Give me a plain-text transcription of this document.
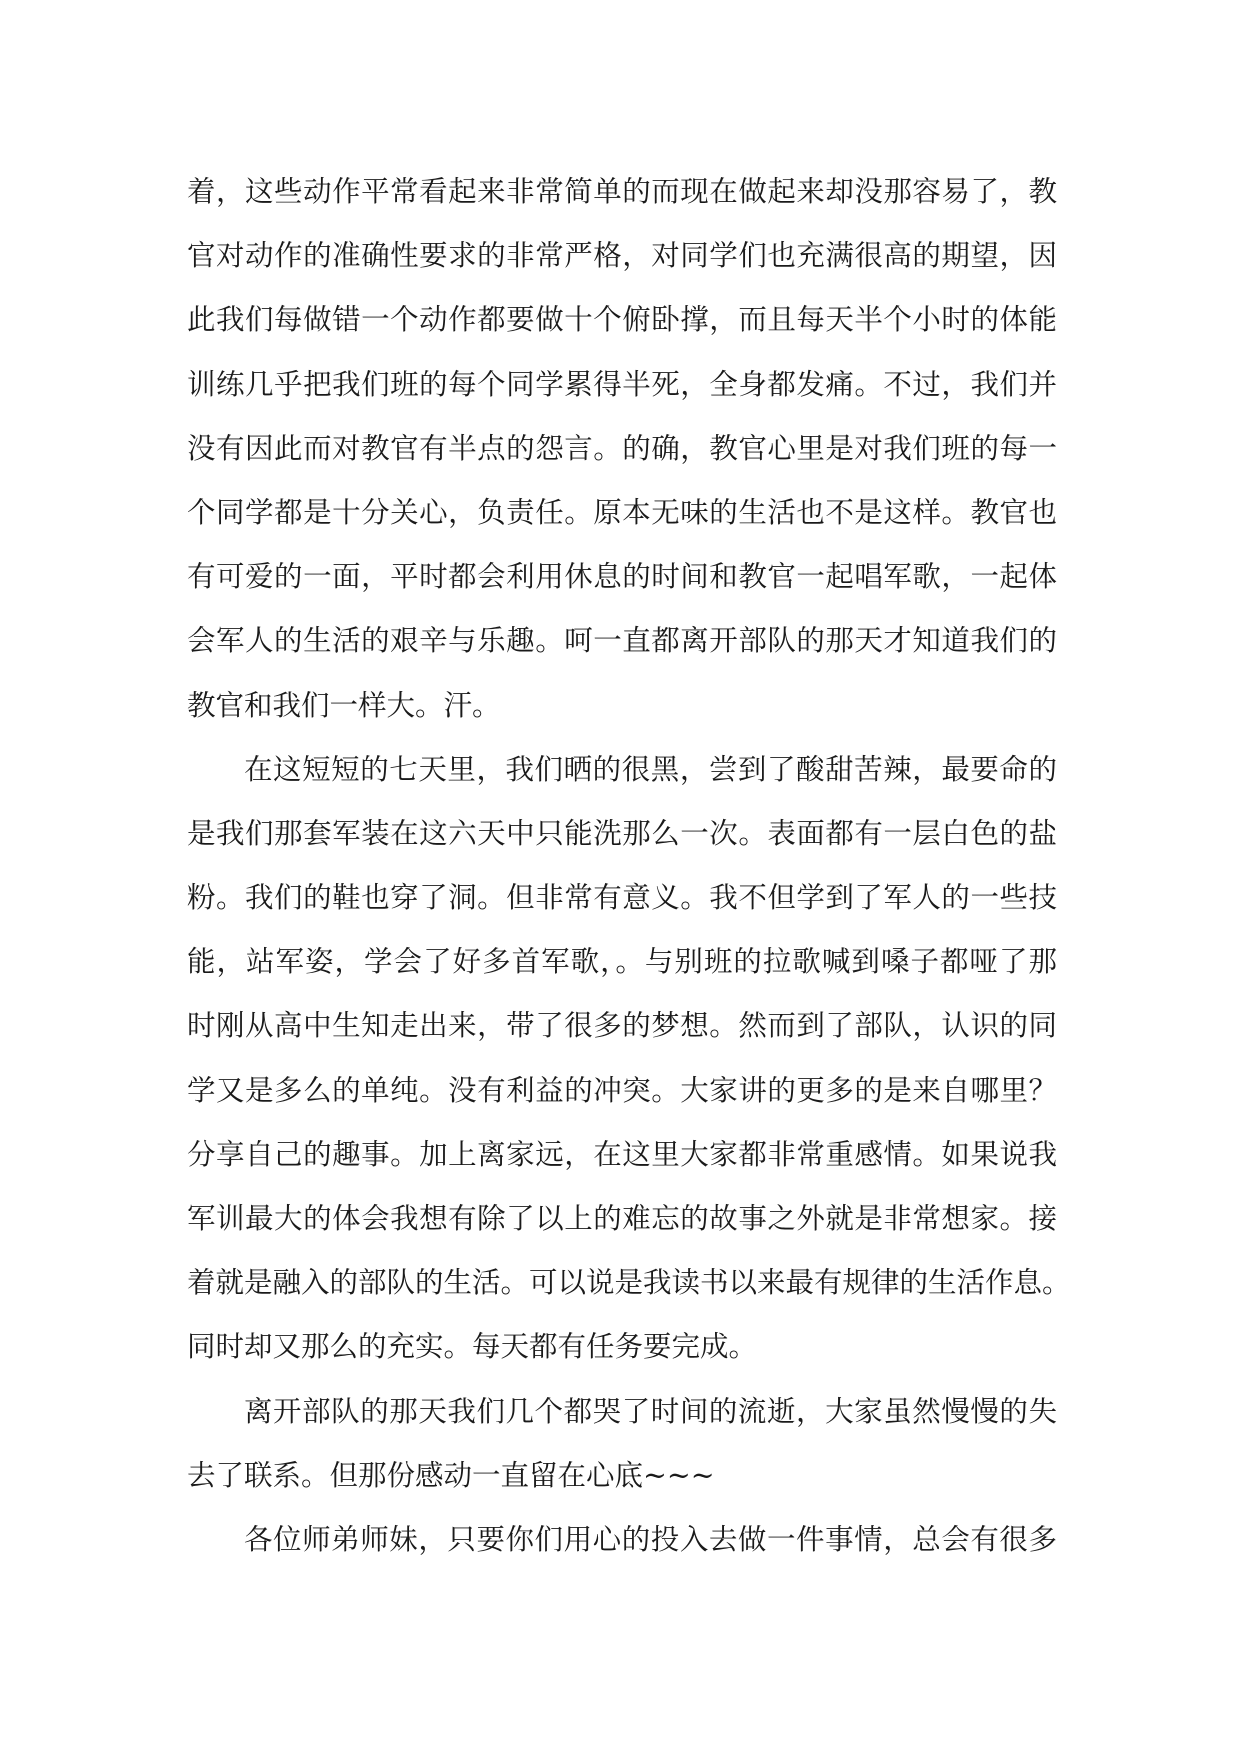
着，这些动作平常看起来非常简单的而现在做起来却没那容易了，教
官对动作的准确性要求的非常严格，对同学们也充满很高的期望，因
此我们每做错一个动作都要做十个俯卧撑，而且每天半个小时的体能
训练几乎把我们班的每个同学累得半死，全身都发痛。不过，我们并
没有因此而对教官有半点的怨言。的确，教官心里是对我们班的每一
个同学都是十分关心，负责任。原本无味的生活也不是这样。教官也
有可爱的一面，平时都会利用休息的时间和教官一起唱军歌，一起体
会军人的生活的艰辛与乐趣。呵一直都离开部队的那天才知道我们的
教官和我们一样大。汗。
在这短短的七天里，我们晒的很黑，尝到了酸甜苦辣，最要命的
是我们那套军装在这六天中只能洗那么一次。表面都有一层白色的盐
粉。我们的鞋也穿了洞。但非常有意义。我不但学到了军人的一些技
能，站军姿，学会了好多首军歌，。与别班的拉歌喊到嗓子都哑了那
时刚从高中生知走出来，带了很多的梦想。然而到了部队，认识的同
学又是多么的单纯。没有利益的冲突。大家讲的更多的是来自哪里？
分享自己的趣事。加上离家远，在这里大家都非常重感情。如果说我
军训最大的体会我想有除了以上的难忘的故事之外就是非常想家。接
着就是融入的部队的生活。可以说是我读书以来最有规律的生活作息。
同时却又那么的充实。每天都有任务要完成。
离开部队的那天我们几个都哭了时间的流逝，大家虽然慢慢的失
去了联系。但那份感动一直留在心底~~~
各位师弟师妹，只要你们用心的投入去做一件事情，总会有很多
